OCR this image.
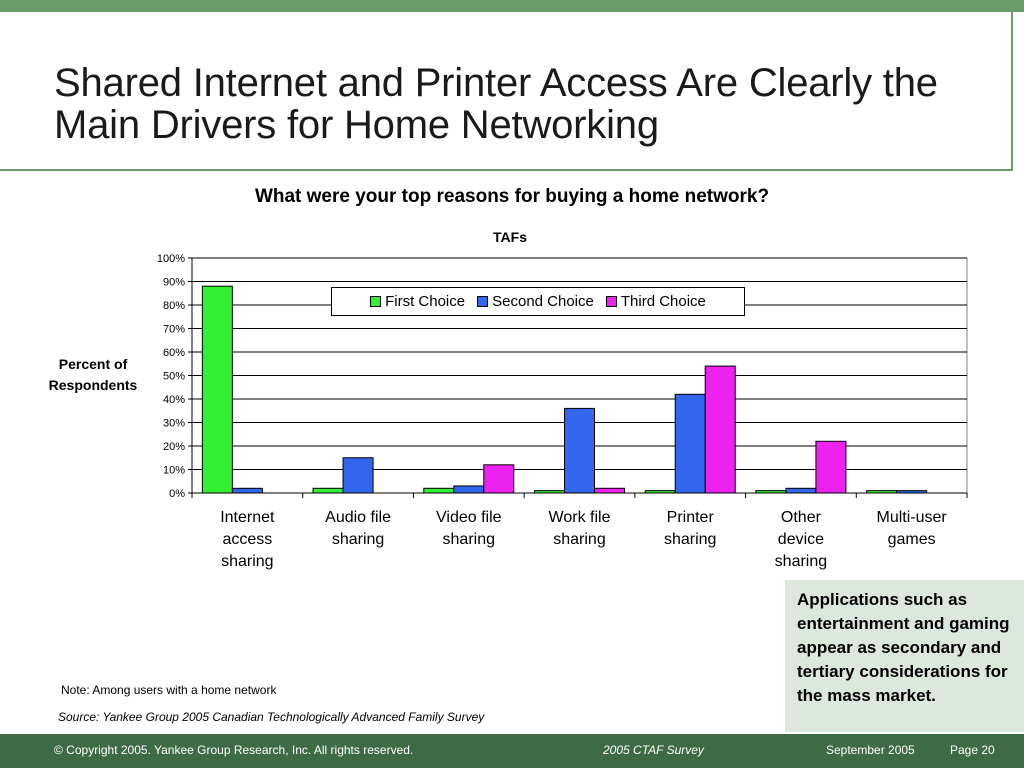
Shared Internet and Printer Access Are Clearly the Main Drivers for Home Networking
What were your top reasons for buying a home network?
TAFs
Percent of Respondents
0%
10%
20%
30%
40%
50%
60%
70%
80%
90%
100%
First Choice Second Choice Third Choice
Internet
access
sharing
Audio file
sharing
Video file
sharing
Work file
sharing
Printer
sharing
Other
device
sharing
Multi-user
games
Applications such as entertainment and gaming appear as secondary and tertiary considerations for the mass market.
Note: Among users with a home network
Source: Yankee Group 2005 Canadian Technologically Advanced Family Survey
© Copyright 2005. Yankee Group Research, Inc. All rights reserved.	2005 CTAF Survey	September 2005	Page 20
